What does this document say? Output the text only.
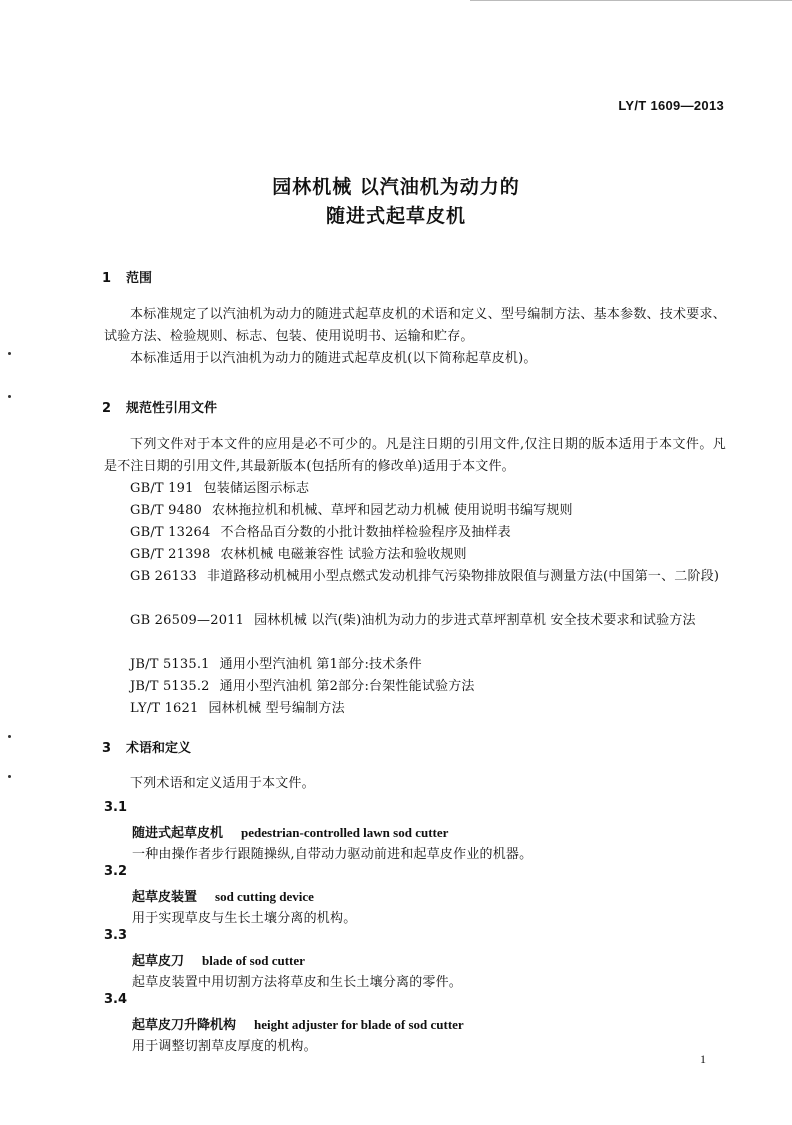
LY/T 1609—2013
园林机械 以汽油机为动力的
随进式起草皮机
1 范围
本标准规定了以汽油机为动力的随进式起草皮机的术语和定义、型号编制方法、基本参数、技术要求、试验方法、检验规则、标志、包装、使用说明书、运输和贮存。
本标准适用于以汽油机为动力的随进式起草皮机(以下简称起草皮机)。
2 规范性引用文件
下列文件对于本文件的应用是必不可少的。凡是注日期的引用文件,仅注日期的版本适用于本文件。凡是不注日期的引用文件,其最新版本(包括所有的修改单)适用于本文件。
GB/T 191 包装储运图示标志
GB/T 9480 农林拖拉机和机械、草坪和园艺动力机械 使用说明书编写规则
GB/T 13264 不合格品百分数的小批计数抽样检验程序及抽样表
GB/T 21398 农林机械 电磁兼容性 试验方法和验收规则
GB 26133 非道路移动机械用小型点燃式发动机排气污染物排放限值与测量方法(中国第一、二阶段)
GB 26509—2011 园林机械 以汽(柴)油机为动力的步进式草坪割草机 安全技术要求和试验方法
JB/T 5135.1 通用小型汽油机 第1部分:技术条件
JB/T 5135.2 通用小型汽油机 第2部分:台架性能试验方法
LY/T 1621 园林机械 型号编制方法
3 术语和定义
下列术语和定义适用于本文件。
3.1
随进式起草皮机 pedestrian-controlled lawn sod cutter
一种由操作者步行跟随操纵,自带动力驱动前进和起草皮作业的机器。
3.2
起草皮装置 sod cutting device
用于实现草皮与生长土壤分离的机构。
3.3
起草皮刀 blade of sod cutter
起草皮装置中用切割方法将草皮和生长土壤分离的零件。
3.4
起草皮刀升降机构 height adjuster for blade of sod cutter
用于调整切割草皮厚度的机构。
1
